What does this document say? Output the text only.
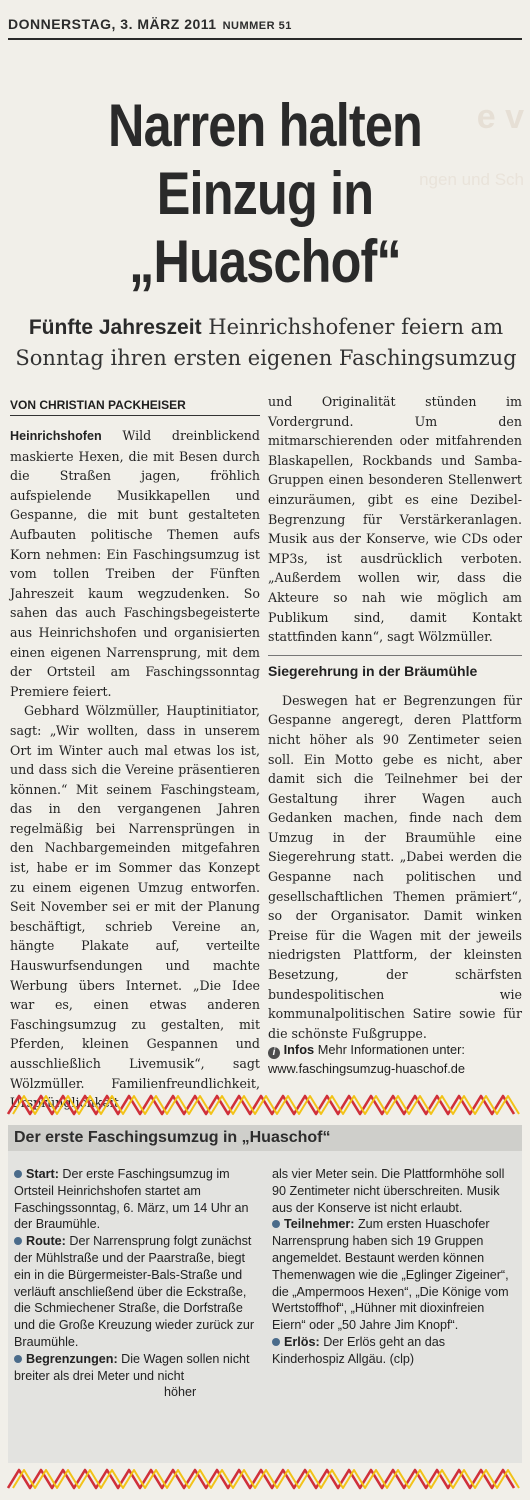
DONNERSTAG, 3. MÄRZ 2011 NUMMER 51
e v
ngen und Sch
Narren halten
Einzug in
„Huaschof“
Fünfte Jahreszeit Heinrichshofener feiern am
Sonntag ihren ersten eigenen Faschingsumzug
VON CHRISTIAN PACKHEISER

Heinrichshofen Wild dreinblickend maskierte Hexen, die mit Besen durch die Straßen jagen, fröhlich aufspielende Musikkapellen und Gespanne, die mit bunt gestalteten Aufbauten politische Themen aufs Korn nehmen: Ein Faschingsumzug ist vom tollen Treiben der Fünften Jahreszeit kaum wegzudenken. So sahen das auch Faschingsbegeisterte aus Heinrichshofen und organisierten einen eigenen Narrensprung, mit dem der Ortsteil am Faschingssonntag Premiere feiert.

Gebhard Wölzmüller, Hauptinitiator, sagt: „Wir wollten, dass in unserem Ort im Winter auch mal etwas los ist, und dass sich die Vereine präsentieren können.“ Mit seinem Faschingsteam, das in den vergangenen Jahren regelmäßig bei Narrensprüngen in den Nachbargemeinden mitgefahren ist, habe er im Sommer das Konzept zu einem eigenen Umzug entworfen. Seit November sei er mit der Planung beschäftigt, schrieb Vereine an, hängte Plakate auf, verteilte Hauswurfsendungen und machte Werbung übers Internet. „Die Idee war es, einen etwas anderen Faschingsumzug zu gestalten, mit Pferden, kleinen Gespannen und ausschließlich Livemusik“, sagt Wölzmüller. Familienfreundlichkeit, Ursprünglichkeit

und Originalität stünden im Vordergrund. Um den mitmarschierenden oder mitfahrenden Blaskapellen, Rockbands und Samba-Gruppen einen besonderen Stellenwert einzuräumen, gibt es eine Dezibel-Begrenzung für Verstärkeranlagen. Musik aus der Konserve, wie CDs oder MP3s, ist ausdrücklich verboten. „Außerdem wollen wir, dass die Akteure so nah wie möglich am Publikum sind, damit Kontakt stattfinden kann“, sagt Wölzmüller.

Siegerehrung in der Bräumühle

Deswegen hat er Begrenzungen für Gespanne angeregt, deren Plattform nicht höher als 90 Zentimeter seien soll. Ein Motto gebe es nicht, aber damit sich die Teilnehmer bei der Gestaltung ihrer Wagen auch Gedanken machen, finde nach dem Umzug in der Braumühle eine Siegerehrung statt. „Dabei werden die Gespanne nach politischen und gesellschaftlichen Themen prämiert“, so der Organisator. Damit winken Preise für die Wagen mit der jeweils niedrigsten Plattform, der kleinsten Besetzung, der schärfsten bundespolitischen wie kommunalpolitischen Satire sowie für die schönste Fußgruppe.

i Infos Mehr Informationen unter:
www.faschingsumzug-huaschof.de
Der erste Faschingsumzug in „Huaschof“

Start: Der erste Faschingsumzug im Ortsteil Heinrichshofen startet am Faschingssonntag, 6. März, um 14 Uhr an der Braumühle.

Route: Der Narrensprung folgt zunächst der Mühlstraße und der Paarstraße, biegt ein in die Bürgermeister-Bals-Straße und verläuft anschließend über die Eckstraße, die Schmiechener Straße, die Dorfstraße und die Große Kreuzung wieder zurück zur Braumühle.

Begrenzungen: Die Wagen sollen nicht breiter als drei Meter und nicht

höher

als vier Meter sein. Die Plattformhöhe soll 90 Zentimeter nicht überschreiten. Musik aus der Konserve ist nicht erlaubt.

Teilnehmer: Zum ersten Huaschofer Narrensprung haben sich 19 Gruppen angemeldet. Bestaunt werden können Themenwagen wie die „Eglinger Zigeiner“, die „Ampermoos Hexen“, „Die Könige vom Wertstoffhof“, „Hühner mit dioxinfreien Eiern“ oder „50 Jahre Jim Knopf“.

Erlös: Der Erlös geht an das Kinderhospiz Allgäu. (clp)
